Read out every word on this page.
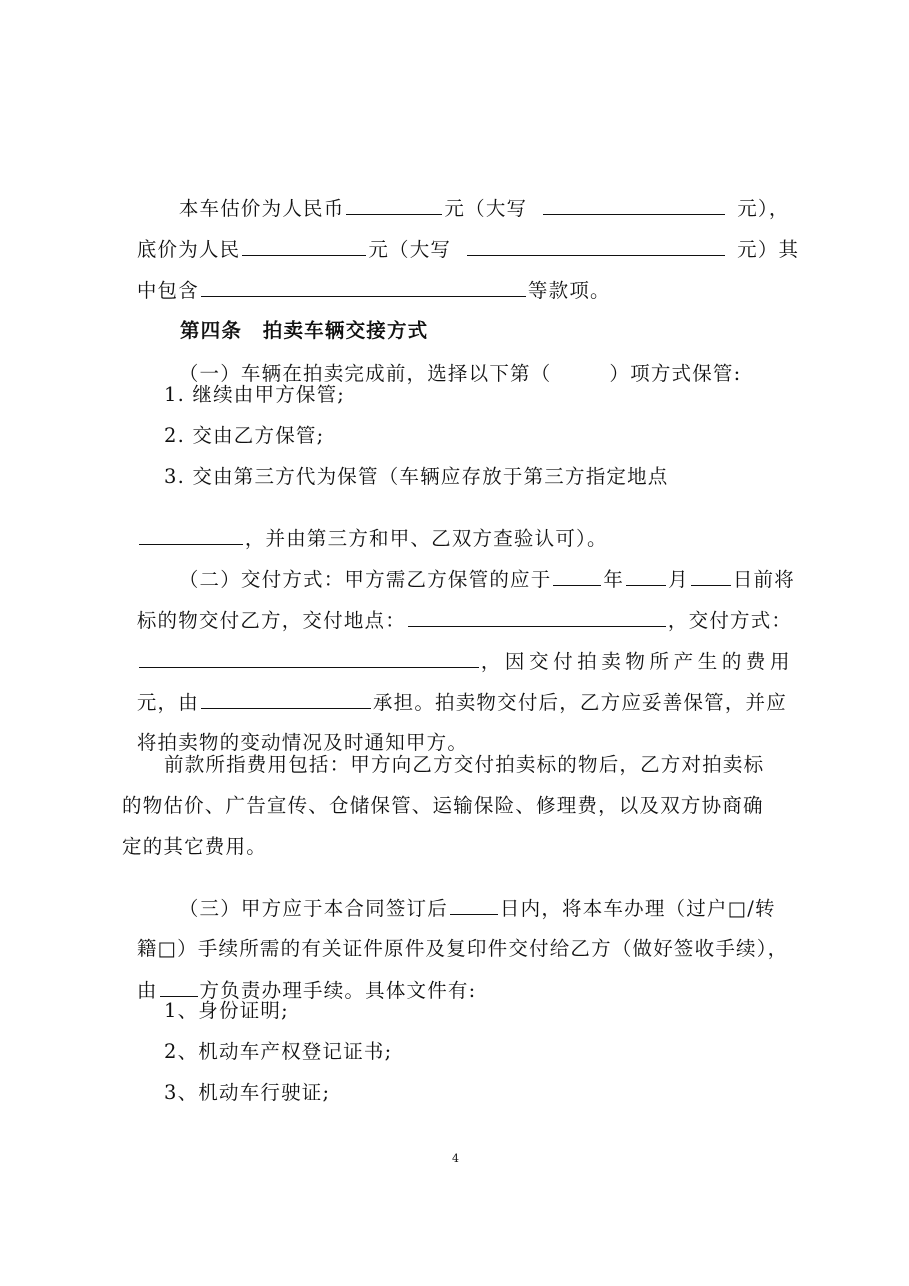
本车估价为人民币	元（大写	元），

底价为人民	元（大写	元）其

中包含	等款项。

第四条　拍卖车辆交接方式

（一）车辆在拍卖完成前，选择以下第（	）项方式保管:

1. 继续由甲方保管;
2. 交由乙方保管;
3. 交由第三方代为保管（车辆应存放于第三方指定地点

，并由第三方和甲、乙双方查验认可）。

（二）交付方式：甲方需乙方保管的应于	年 月 日前将

标的物交付乙方，交付地点：	，交付方式：

，因交付拍卖物所产生的费用

元，由	承担。拍卖物交付后，乙方应妥善保管，并应

将拍卖物的变动情况及时通知甲方。

前款所指费用包括：甲方向乙方交付拍卖标的物后，乙方对拍卖标
的物估价、广告宣传、仓储保管、运输保险、修理费，以及双方协商确
定的其它费用。

（三）甲方应于本合同签订后	日内，将本车办理（过户□/转

籍□）手续所需的有关证件原件及复印件交付给乙方（做好签收手续），

由 方负责办理手续。具体文件有:

1、身份证明;
2、机动车产权登记证书;
3、机动车行驶证;
4
